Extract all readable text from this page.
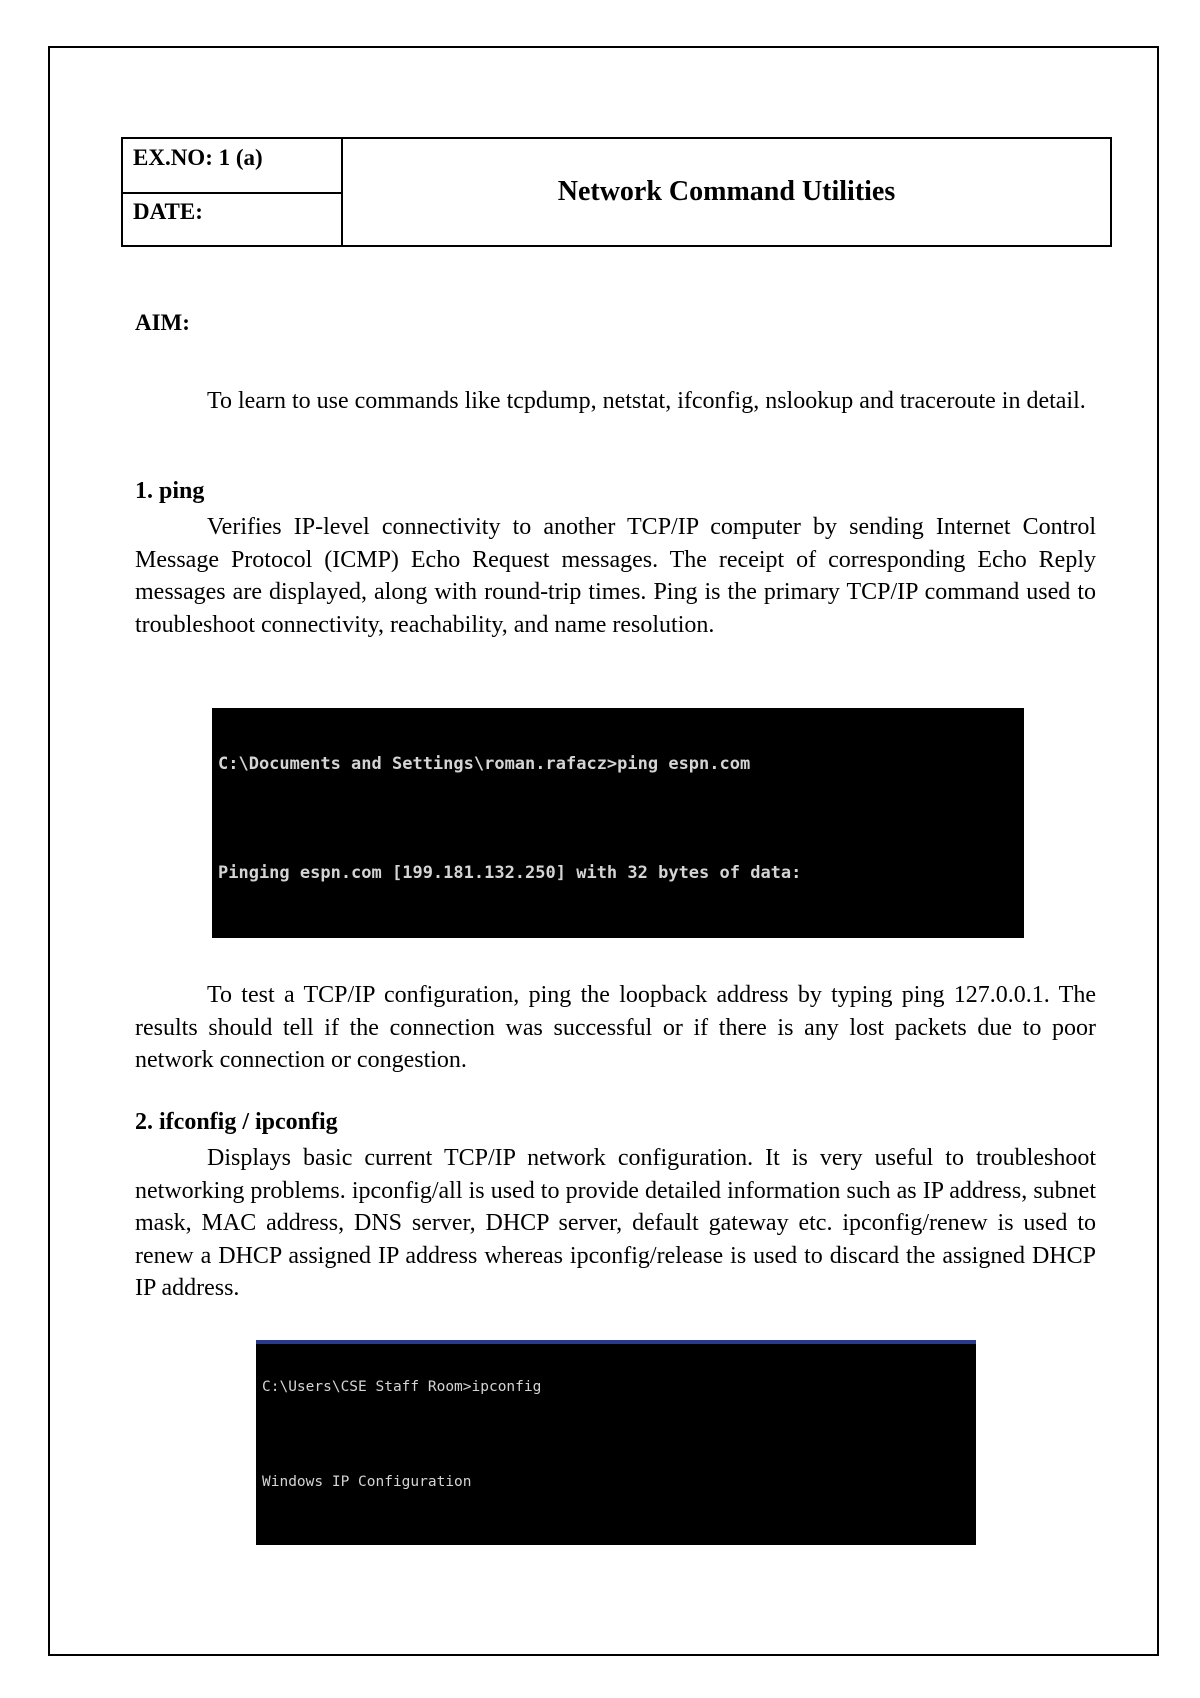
EX.NO: 1 (a)
DATE:
Network Command Utilities
AIM:

To learn to use commands like tcpdump, netstat, ifconfig, nslookup and traceroute in detail.

1. ping

Verifies IP-level connectivity to another TCP/IP computer by sending Internet Control Message Protocol (ICMP) Echo Request messages. The receipt of corresponding Echo Reply messages are displayed, along with round-trip times. Ping is the primary TCP/IP command used to troubleshoot connectivity, reachability, and name resolution.

C:\Documents and Settings\roman.rafacz>ping espn.com

Pinging espn.com [199.181.132.250] with 32 bytes of data:

To test a TCP/IP configuration, ping the loopback address by typing ping 127.0.0.1. The results should tell if the connection was successful or if there is any lost packets due to poor network connection or congestion.

2. ifconfig / ipconfig

Displays basic current TCP/IP network configuration. It is very useful to troubleshoot networking problems. ipconfig/all is used to provide detailed information such as IP address, subnet mask, MAC address, DNS server, DHCP server, default gateway etc. ipconfig/renew is used to renew a DHCP assigned IP address whereas ipconfig/release is used to discard the assigned DHCP IP address.

C:\Users\CSE Staff Room>ipconfig

Windows IP Configuration
